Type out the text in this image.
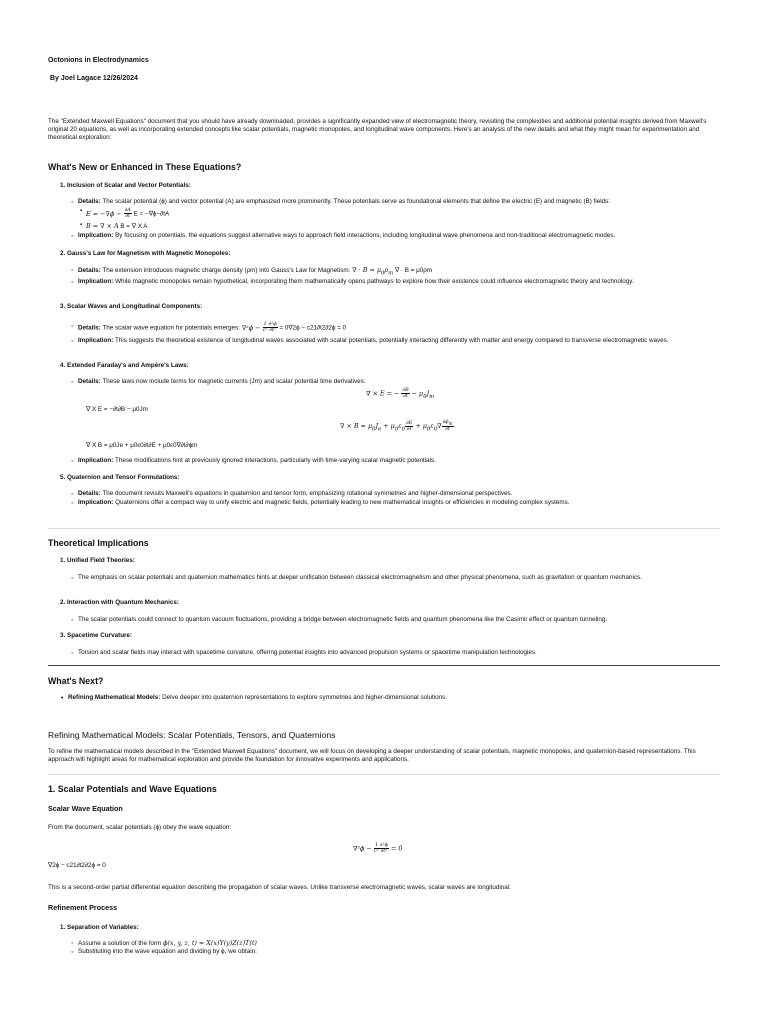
Octonions in Electrodynamics
By Joel Lagace 12/26/2024
The "Extended Maxwell Equations" document that you should have already downloaded, provides a significantly expanded view of electromagnetic theory, revisiting the complexities and additional potential insights derived from Maxwell's original 20 equations, as well as incorporating extended concepts like scalar potentials, magnetic monopoles, and longitudinal wave components. Here's an analysis of the new details and what they might mean for experimentation and theoretical exploration:
What's New or Enhanced in These Equations?
1. Inclusion of Scalar and Vector Potentials:
◦ Details: The scalar potential (ϕ) and vector potential (A) are emphasized more prominently. These potentials serve as foundational elements that define the electric (E) and magnetic (B) fields:
▪ $E = -\nabla\phi - \frac{\partial A}{\partial t}$ E = −∇ϕ−∂tA
▪ B = ∇ × A B = ∇ X A
◦ Implication: By focusing on potentials, the equations suggest alternative ways to approach field interactions, including longitudinal wave phenomena and non-traditional electromagnetic modes.
2. Gauss's Law for Magnetism with Magnetic Monopoles:
◦ Details: The extension introduces magnetic charge density (ρm) into Gauss's Law for Magnetism: ∇ · $B = \mu_0\rho_m$ ∇ · B = μ0ρm
◦ Implication: While magnetic monopoles remain hypothetical, incorporating them mathematically opens pathways to explore how their existence could influence electromagnetic theory and technology.
3. Scalar Waves and Longitudinal Components:
◦ Details: The scalar wave equation for potentials emerges: $\nabla^2\phi - \frac{1}{\text{c²}} \frac{\text{∂²ϕ}}{\text{∂t²}} = 0\nabla 2\phi - c21\partial t2\partial 2\phi = 0$
◦ Implication: This suggests the theoretical existence of longitudinal waves associated with scalar potentials, potentially interacting differently with matter and energy compared to transverse electromagnetic waves.
4. Extended Faraday's and Ampère's Laws:
◦ Details: These laws now include terms for magnetic currents (Jm) and scalar potential time derivatives:
∇ × E = − $\frac{\partial B}{\partial t} - \mu_0J_m$
∇ X E = −∂t∂B − μ0Jm
∇ × $B = \mu_0J_e + \mu_0\varepsilon_0 \frac{\partial E}{\partial t} + \mu_0\varepsilon_0\nabla \frac{\partial\phi_m}{\partial t}$
∇ X B = μ0Je + μ0ε0∂t∂E + μ0ε0∇∂t∂ϕm
◦ Implication: These modifications hint at previously ignored interactions, particularly with time-varying scalar magnetic potentials.
5. Quaternion and Tensor Formulations:
◦ Details: The document revisits Maxwell's equations in quaternion and tensor form, emphasizing rotational symmetries and higher-dimensional perspectives.
◦ Implication: Quaternions offer a compact way to unify electric and magnetic fields, potentially leading to new mathematical insights or efficiencies in modeling complex systems.
Theoretical Implications
1. Unified Field Theories:
◦ The emphasis on scalar potentials and quaternion mathematics hints at deeper unification between classical electromagnetism and other physical phenomena, such as gravitation or quantum mechanics.
2. Interaction with Quantum Mechanics:
◦ The scalar potentials could connect to quantum vacuum fluctuations, providing a bridge between electromagnetic fields and quantum phenomena like the Casimir effect or quantum tunneling.
3. Spacetime Curvature:
◦ Torsion and scalar fields may interact with spacetime curvature, offering potential insights into advanced propulsion systems or spacetime manipulation technologies.
What's Next?
• Refining Mathematical Models: Delve deeper into quaternion representations to explore symmetries and higher-dimensional solutions.
Refining Mathematical Models: Scalar Potentials, Tensors, and Quaternions
To refine the mathematical models described in the "Extended Maxwell Equations" document, we will focus on developing a deeper understanding of scalar potentials, magnetic monopoles, and quaternion-based representations. This approach will highlight areas for mathematical exploration and provide the foundation for innovative experiments and applications.
1. Scalar Potentials and Wave Equations
Scalar Wave Equation
From the document, scalar potentials (ϕ) obey the wave equation:
$\nabla^2\phi - \frac{1}{\text{c²}} \frac{\text{∂²ϕ}}{\text{∂t²}} = 0$
∇2ϕ − c21∂t2∂2ϕ = 0
This is a second-order partial differential equation describing the propagation of scalar waves. Unlike transverse electromagnetic waves, scalar waves are longitudinal.
Refinement Process
1. Separation of Variables:
◦ Assume a solution of the form ϕ(x, y, z, t) = X(x)Y(y)Z(z)T(t)
◦ Substituting into the wave equation and dividing by ϕ, we obtain:
